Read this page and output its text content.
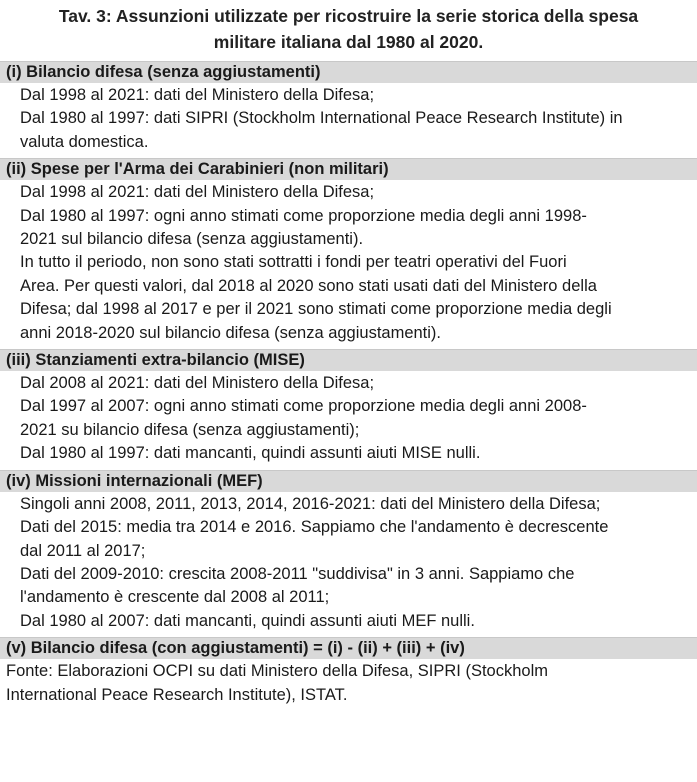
Tav. 3: Assunzioni utilizzate per ricostruire la serie storica della spesa
militare italiana dal 1980 al 2020.
(i) Bilancio difesa (senza aggiustamenti)
Dal 1998 al 2021: dati del Ministero della Difesa;
Dal 1980 al 1997: dati SIPRI (Stockholm International Peace Research Institute) in
valuta domestica.
(ii) Spese per l'Arma dei Carabinieri (non militari)
Dal 1998 al 2021: dati del Ministero della Difesa;
Dal 1980 al 1997: ogni anno stimati come proporzione media degli anni 1998-
2021 sul bilancio difesa (senza aggiustamenti).
In tutto il periodo, non sono stati sottratti i fondi per teatri operativi del Fuori
Area. Per questi valori, dal 2018 al 2020 sono stati usati dati del Ministero della
Difesa; dal 1998 al 2017 e per il 2021 sono stimati come proporzione media degli
anni 2018-2020 sul bilancio difesa (senza aggiustamenti).
(iii) Stanziamenti extra-bilancio (MISE)
Dal 2008 al 2021: dati del Ministero della Difesa;
Dal 1997 al 2007: ogni anno stimati come proporzione media degli anni 2008-
2021 su bilancio difesa (senza aggiustamenti);
Dal 1980 al 1997: dati mancanti, quindi assunti aiuti MISE nulli.
(iv) Missioni internazionali (MEF)
Singoli anni 2008, 2011, 2013, 2014, 2016-2021: dati del Ministero della Difesa;
Dati del 2015: media tra 2014 e 2016. Sappiamo che l'andamento è decrescente
dal 2011 al 2017;
Dati del 2009-2010: crescita 2008-2011 "suddivisa" in 3 anni. Sappiamo che
l'andamento è crescente dal 2008 al 2011;
Dal 1980 al 2007: dati mancanti, quindi assunti aiuti MEF nulli.
(v) Bilancio difesa (con aggiustamenti) = (i) - (ii) + (iii) + (iv)
Fonte: Elaborazioni OCPI su dati Ministero della Difesa, SIPRI (Stockholm
International Peace Research Institute), ISTAT.
